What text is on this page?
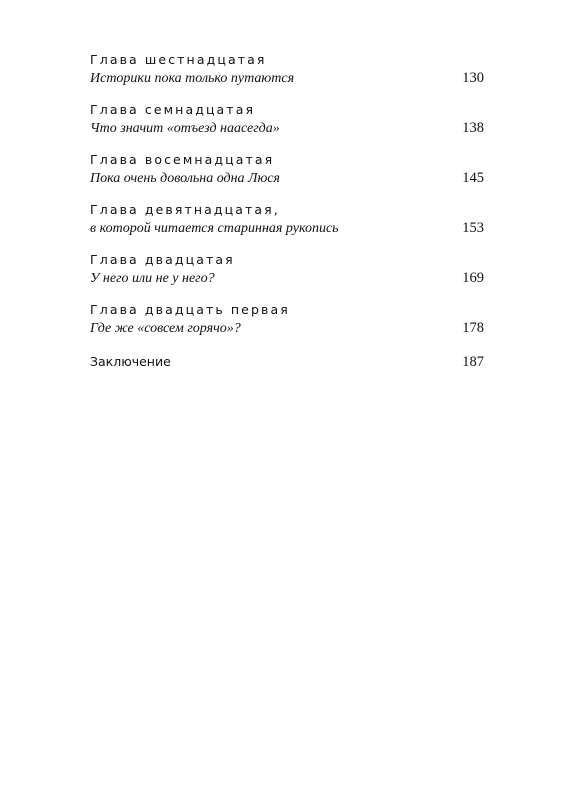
Глава шестнадцатая
Историки пока только путаются	130
Глава семнадцатая
Что значит «отъезд наасегда»	138
Глава восемнадцатая
Пока очень довольна одна Люся	145
Глава девятнадцатая,
в которой читается старинная рукопись	153
Глава двадцатая
У него или не у него?	169
Глава двадцать первая
Где же «совсем горячо»?	178
Заключение	187
